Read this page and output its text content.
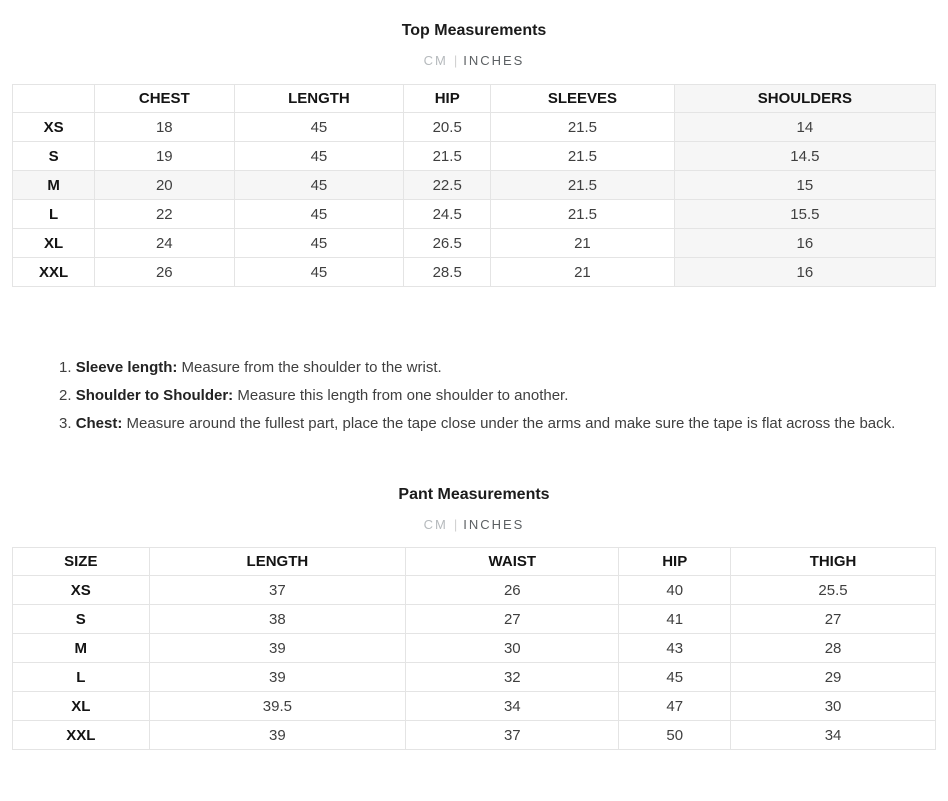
Top Measurements
CM | INCHES
	CHEST	LENGTH	HIP	SLEEVES	SHOULDERS
XS	18	45	20.5	21.5	14
S	19	45	21.5	21.5	14.5
M	20	45	22.5	21.5	15
L	22	45	24.5	21.5	15.5
XL	24	45	26.5	21	16
XXL	26	45	28.5	21	16

1. Sleeve length: Measure from the shoulder to the wrist.

2. Shoulder to Shoulder: Measure this length from one shoulder to another.

3. Chest: Measure around the fullest part, place the tape close under the arms and make sure the tape is flat across the back.

Pant Measurements
CM | INCHES
SIZE	LENGTH	WAIST	HIP	THIGH
XS	37	26	40	25.5
S	38	27	41	27
M	39	30	43	28
L	39	32	45	29
XL	39.5	34	47	30
XXL	39	37	50	34
